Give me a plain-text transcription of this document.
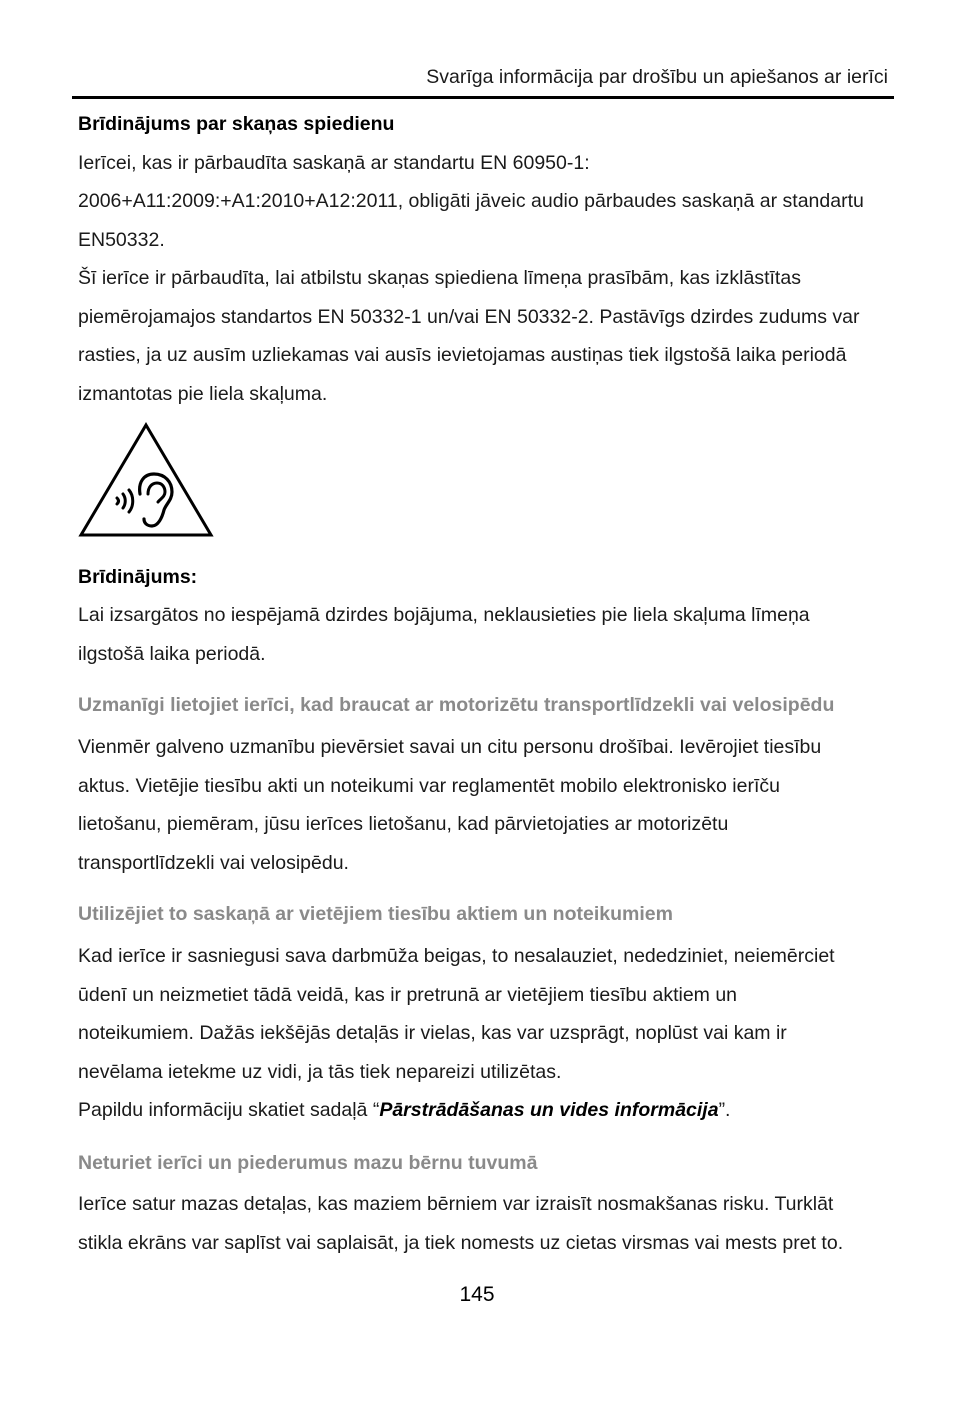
Svarīga informācija par drošību un apiešanos ar ierīci
Brīdinājums par skaņas spiedienu
Ierīcei, kas ir pārbaudīta saskaņā ar standartu EN 60950-1:
2006+A11:2009:+A1:2010+A12:2011, obligāti jāveic audio pārbaudes saskaņā ar standartu
EN50332.
Šī ierīce ir pārbaudīta, lai atbilstu skaņas spiediena līmeņa prasībām, kas izklāstītas
piemērojamajos standartos EN 50332-1 un/vai EN 50332-2. Pastāvīgs dzirdes zudums var
rasties, ja uz ausīm uzliekamas vai ausīs ievietojamas austiņas tiek ilgstošā laika periodā
izmantotas pie liela skaļuma.
Brīdinājums:
Lai izsargātos no iespējamā dzirdes bojājuma, neklausieties pie liela skaļuma līmeņa
ilgstošā laika periodā.
Uzmanīgi lietojiet ierīci, kad braucat ar motorizētu transportlīdzekli vai velosipēdu
Vienmēr galveno uzmanību pievērsiet savai un citu personu drošībai. Ievērojiet tiesību
aktus. Vietējie tiesību akti un noteikumi var reglamentēt mobilo elektronisko ierīču
lietošanu, piemēram, jūsu ierīces lietošanu, kad pārvietojaties ar motorizētu
transportlīdzekli vai velosipēdu.
Utilizējiet to saskaņā ar vietējiem tiesību aktiem un noteikumiem
Kad ierīce ir sasniegusi sava darbmūža beigas, to nesalauziet, nededziniet, neiemērciet
ūdenī un neizmetiet tādā veidā, kas ir pretrunā ar vietējiem tiesību aktiem un
noteikumiem. Dažās iekšējās detaļās ir vielas, kas var uzsprāgt, noplūst vai kam ir
nevēlama ietekme uz vidi, ja tās tiek nepareizi utilizētas.
Papildu informāciju skatiet sadaļā “Pārstrādāšanas un vides informācija”.
Neturiet ierīci un piederumus mazu bērnu tuvumā
Ierīce satur mazas detaļas, kas maziem bērniem var izraisīt nosmakšanas risku. Turklāt
stikla ekrāns var saplīst vai saplaisāt, ja tiek nomests uz cietas virsmas vai mests pret to.
145
